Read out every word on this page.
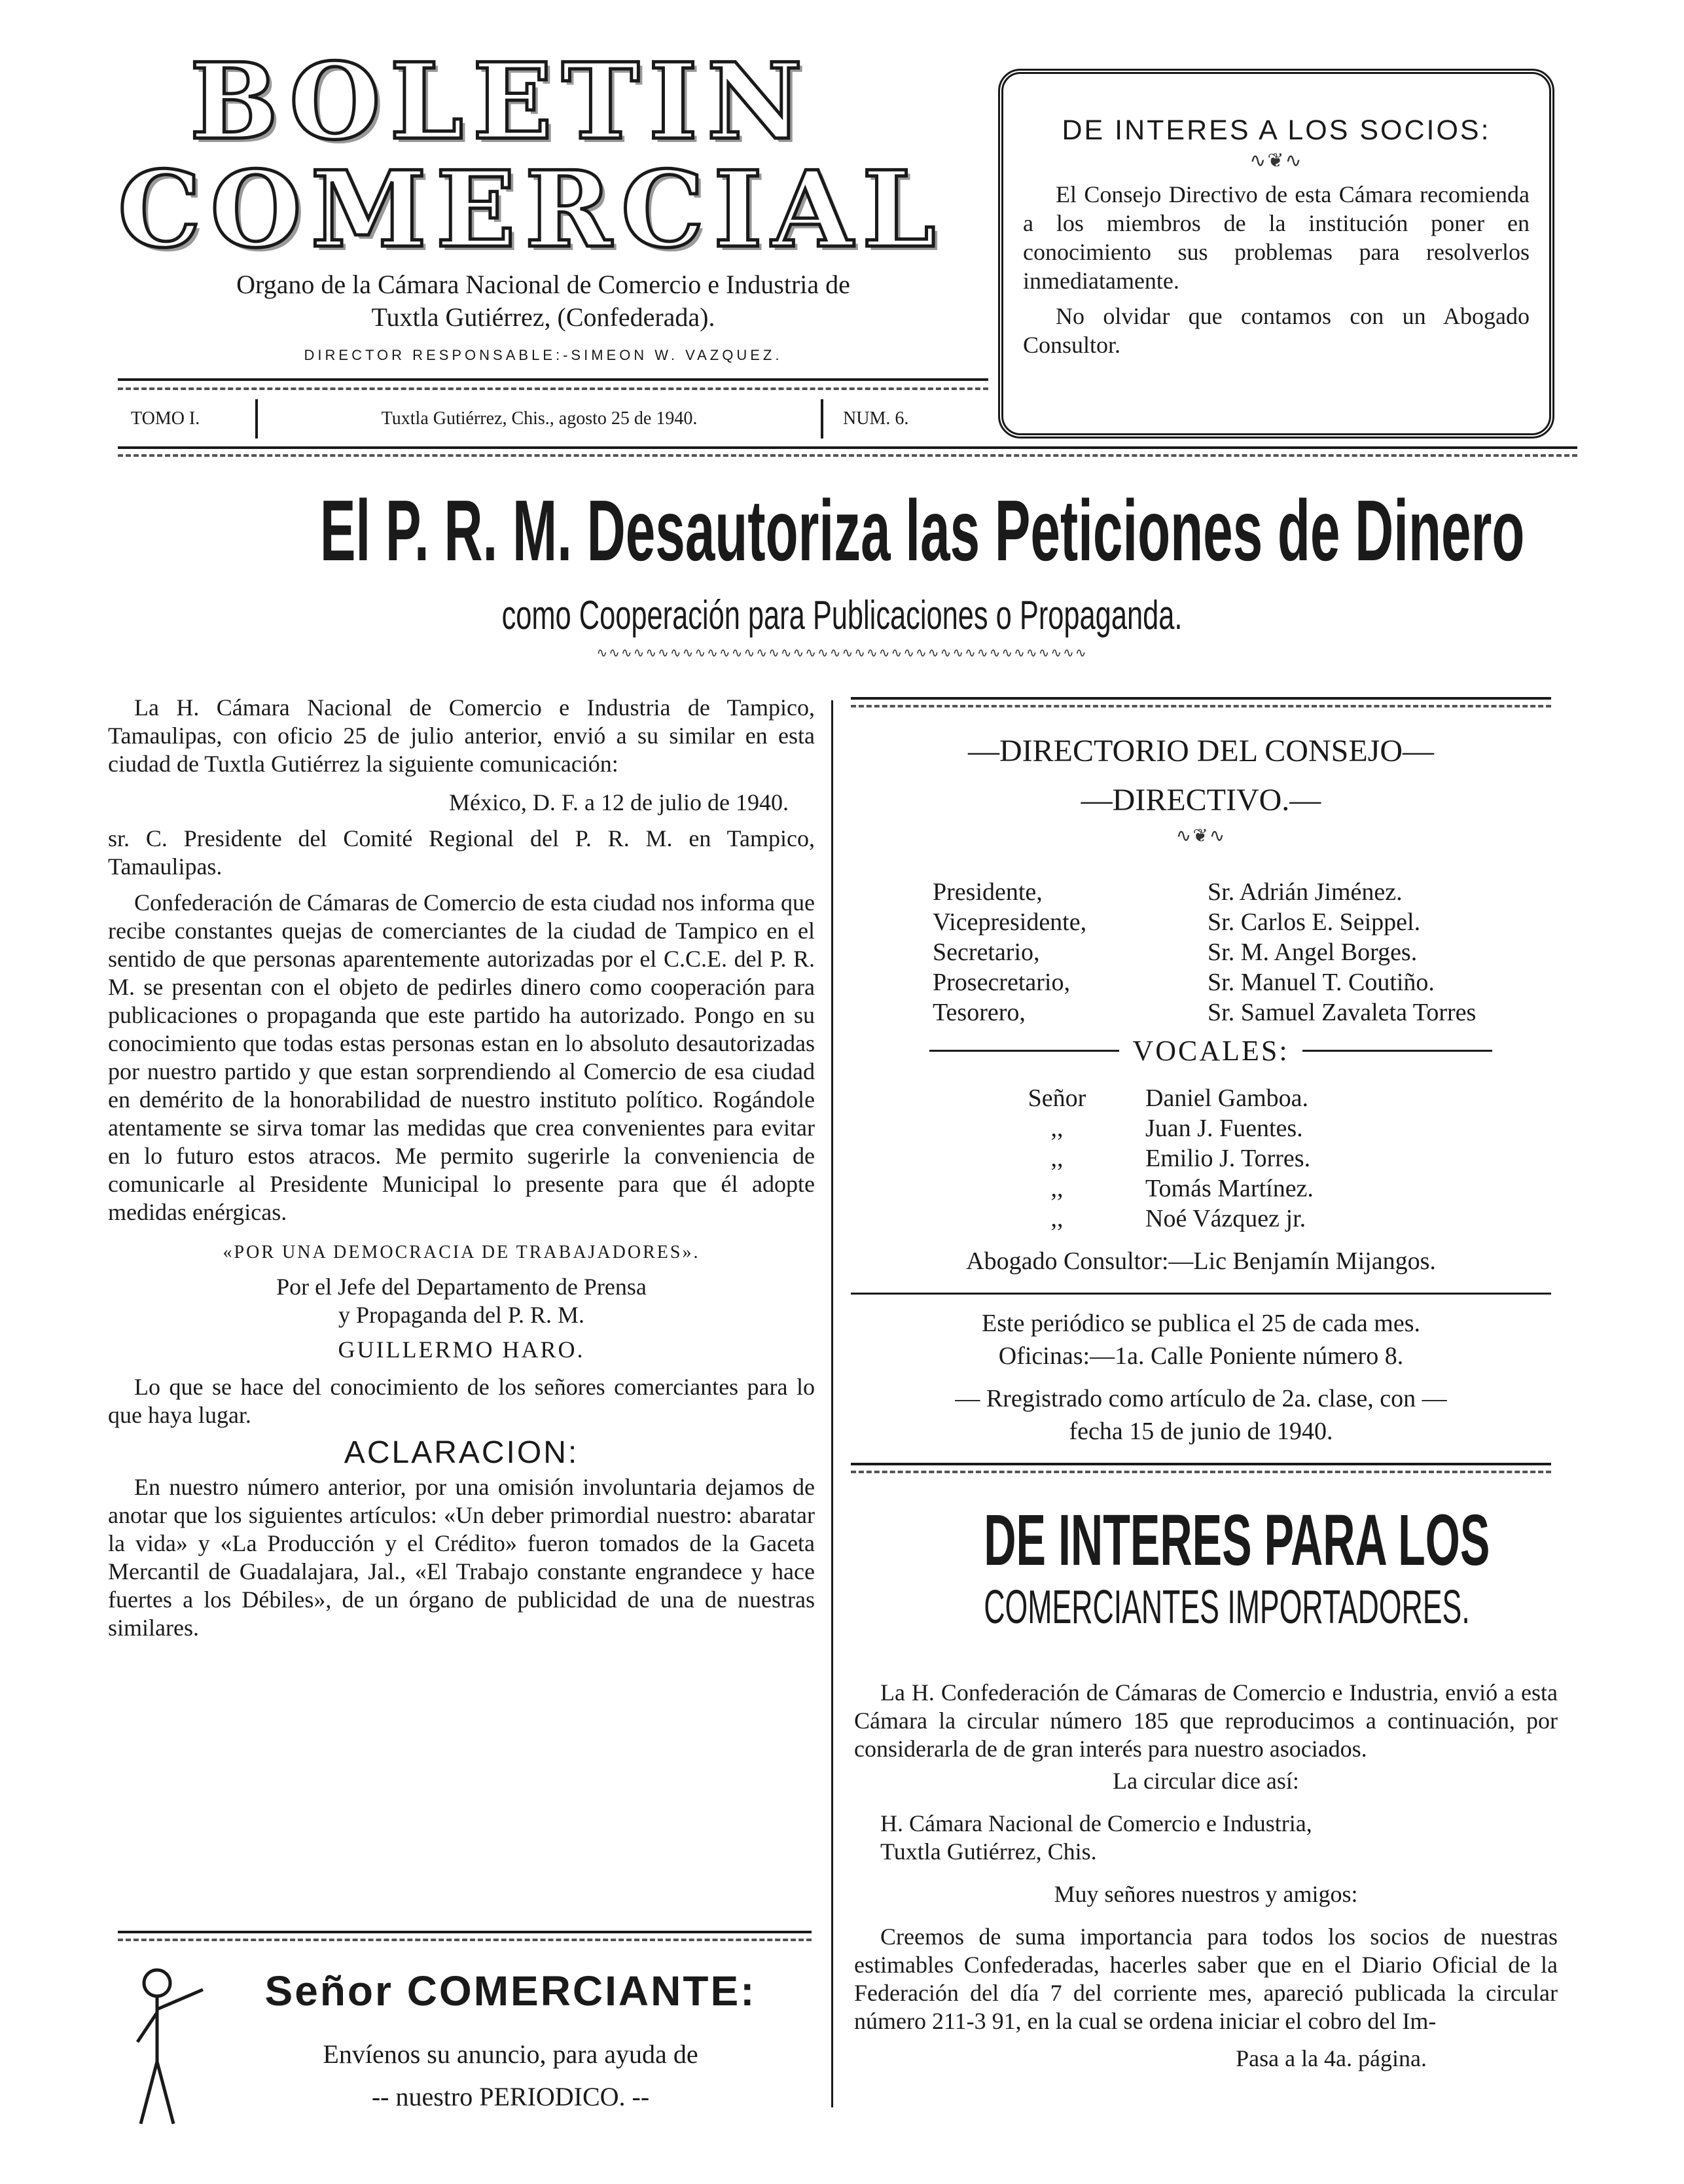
BOLETIN
COMERCIAL
Organo de la Cámara Nacional de Comercio e Industria de
Tuxtla Gutiérrez, (Confederada).
DIRECTOR RESPONSABLE:-SIMEON W. VAZQUEZ.
TOMO I.	Tuxtla Gutiérrez, Chis., agosto 25 de 1940.	NUM. 6.
DE INTERES A LOS SOCIOS:
∿❦∿
El Consejo Directivo de esta Cámara recomienda a los miembros de la institución poner en conocimiento sus problemas para resolverlos inmediatamente.
No olvidar que contamos con un Abogado Consultor.
El P. R. M. Desautoriza las Peticiones de Dinero
como Cooperación para Publicaciones o Propaganda.
∿∿∿∿∿∿∿∿∿∿∿∿∿∿∿∿∿∿∿∿∿∿∿∿∿∿∿∿∿∿∿∿∿∿∿∿∿∿∿∿

La H. Cámara Nacional de Comercio e Industria de Tampico, Tamaulipas, con oficio 25 de julio anterior, envió a su similar en esta ciudad de Tuxtla Gutiérrez la siguiente comunicación:

México, D. F. a 12 de julio de 1940.

sr. C. Presidente del Comité Regional del P. R. M. en Tampico, Tamaulipas.

Confederación de Cámaras de Comercio de esta ciudad nos informa que recibe constantes quejas de comerciantes de la ciudad de Tampico en el sentido de que personas aparentemente autorizadas por el C.C.E. del P. R. M. se presentan con el objeto de pedirles dinero como cooperación para publicaciones o propaganda que este partido ha autorizado. Pongo en su conocimiento que todas estas personas estan en lo absoluto desautorizadas por nuestro partido y que estan sorprendiendo al Comercio de esa ciudad en demérito de la honorabilidad de nuestro instituto político. Rogándole atentamente se sirva tomar las medidas que crea convenientes para evitar en lo futuro estos atracos. Me permito sugerirle la conveniencia de comunicarle al Presidente Municipal lo presente para que él adopte medidas enérgicas.

«POR UNA DEMOCRACIA DE TRABAJADORES».
Por el Jefe del Departamento de Prensa
y Propaganda del P. R. M.
GUILLERMO HARO.

Lo que se hace del conocimiento de los señores comerciantes para lo que haya lugar.

ACLARACION:

En nuestro número anterior, por una omisión involuntaria dejamos de anotar que los siguientes artículos: «Un deber primordial nuestro: abaratar la vida» y «La Producción y el Crédito» fueron tomados de la Gaceta Mercantil de Guadalajara, Jal., «El Trabajo constante engrandece y hace fuertes a los Débiles», de un órgano de publicidad de una de nuestras similares.

Señor COMERCIANTE:
Envíenos su anuncio, para ayuda de
-- nuestro PERIODICO. --
—DIRECTORIO DEL CONSEJO—
—DIRECTIVO.—
∿❦∿
Presidente,	Sr. Adrián Jiménez.
Vicepresidente,	Sr. Carlos E. Seippel.
Secretario,	Sr. M. Angel Borges.
Prosecretario,	Sr. Manuel T. Coutiño.
Tesorero,	Sr. Samuel Zavaleta Torres
VOCALES:
Señor	Daniel Gamboa.
,,	Juan J. Fuentes.
,,	Emilio J. Torres.
,,	Tomás Martínez.
,,	Noé Vázquez jr.
Abogado Consultor:—Lic Benjamín Mijangos.
Este periódico se publica el 25 de cada mes.
Oficinas:—1a. Calle Poniente número 8.
— Rregistrado como artículo de 2a. clase, con —
fecha 15 de junio de 1940.
DE INTERES PARA LOS
COMERCIANTES IMPORTADORES.

La H. Confederación de Cámaras de Comercio e Industria, envió a esta Cámara la circular número 185 que reproducimos a continuación, por considerarla de de gran interés para nuestro asociados.

La circular dice así:
H. Cámara Nacional de Comercio e Industria,
Tuxtla Gutiérrez, Chis.
Muy señores nuestros y amigos:

Creemos de suma importancia para todos los socios de nuestras estimables Confederadas, hacerles saber que en el Diario Oficial de la Federación del día 7 del corriente mes, apareció publicada la circular número 211-3 91, en la cual se ordena iniciar el cobro del Im-

Pasa a la 4a. página.
